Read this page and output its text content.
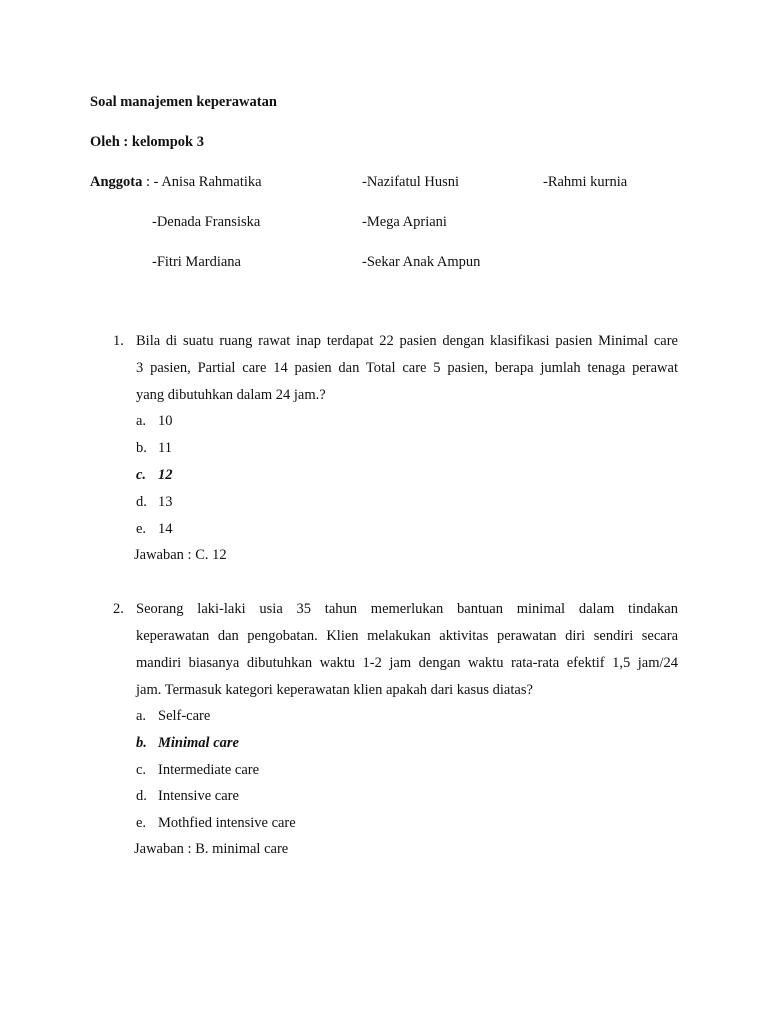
Soal manajemen keperawatan
Oleh : kelompok 3
Anggota : - Anisa Rahmatika	-Nazifatul Husni	-Rahmi kurnia
-Denada Fransiska	-Mega Apriani
-Fitri Mardiana	-Sekar Anak Ampun
1. Bila di suatu ruang rawat inap terdapat 22 pasien dengan klasifikasi pasien Minimal care
3 pasien, Partial care 14 pasien dan Total care 5 pasien, berapa jumlah tenaga perawat
yang dibutuhkan dalam 24 jam.?
a. 10
b. 11
c. 12
d. 13
e. 14
Jawaban : C. 12
2. Seorang laki-laki usia 35 tahun memerlukan bantuan minimal dalam tindakan
keperawatan dan pengobatan. Klien melakukan aktivitas perawatan diri sendiri secara
mandiri biasanya dibutuhkan waktu 1-2 jam dengan waktu rata-rata efektif 1,5 jam/24
jam. Termasuk kategori keperawatan klien apakah dari kasus diatas?
a. Self-care
b. Minimal care
c. Intermediate care
d. Intensive care
e. Mothfied intensive care
Jawaban : B. minimal care
